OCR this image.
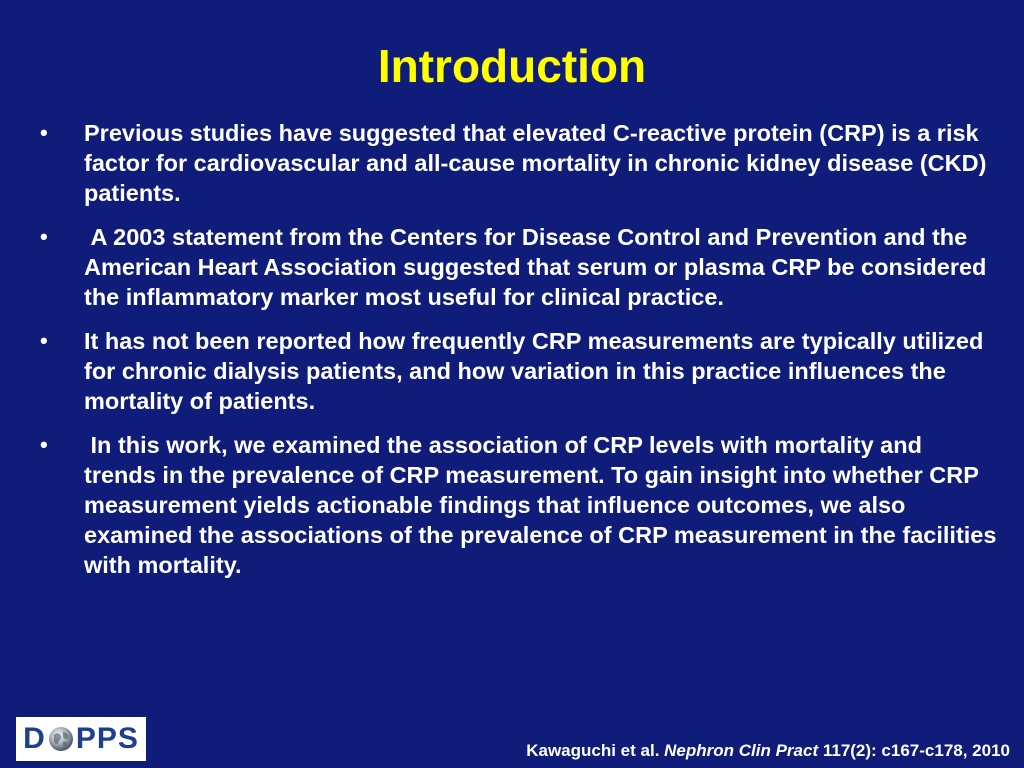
Introduction
•	Previous studies have suggested that elevated C-reactive protein (CRP) is a risk factor for cardiovascular and all-cause mortality in chronic kidney disease (CKD) patients.
•	A 2003 statement from the Centers for Disease Control and Prevention and the American Heart Association suggested that serum or plasma CRP be considered the inflammatory marker most useful for clinical practice.
•	It has not been reported how frequently CRP measurements are typically utilized for chronic dialysis patients, and how variation in this practice influences the mortality of patients.
•	In this work, we examined the association of CRP levels with mortality and trends in the prevalence of CRP measurement. To gain insight into whether CRP measurement yields actionable findings that influence outcomes, we also examined the associations of the prevalence of CRP measurement in the facilities with mortality.
D PPS	Kawaguchi et al. Nephron Clin Pract 117(2): c167-c178, 2010
